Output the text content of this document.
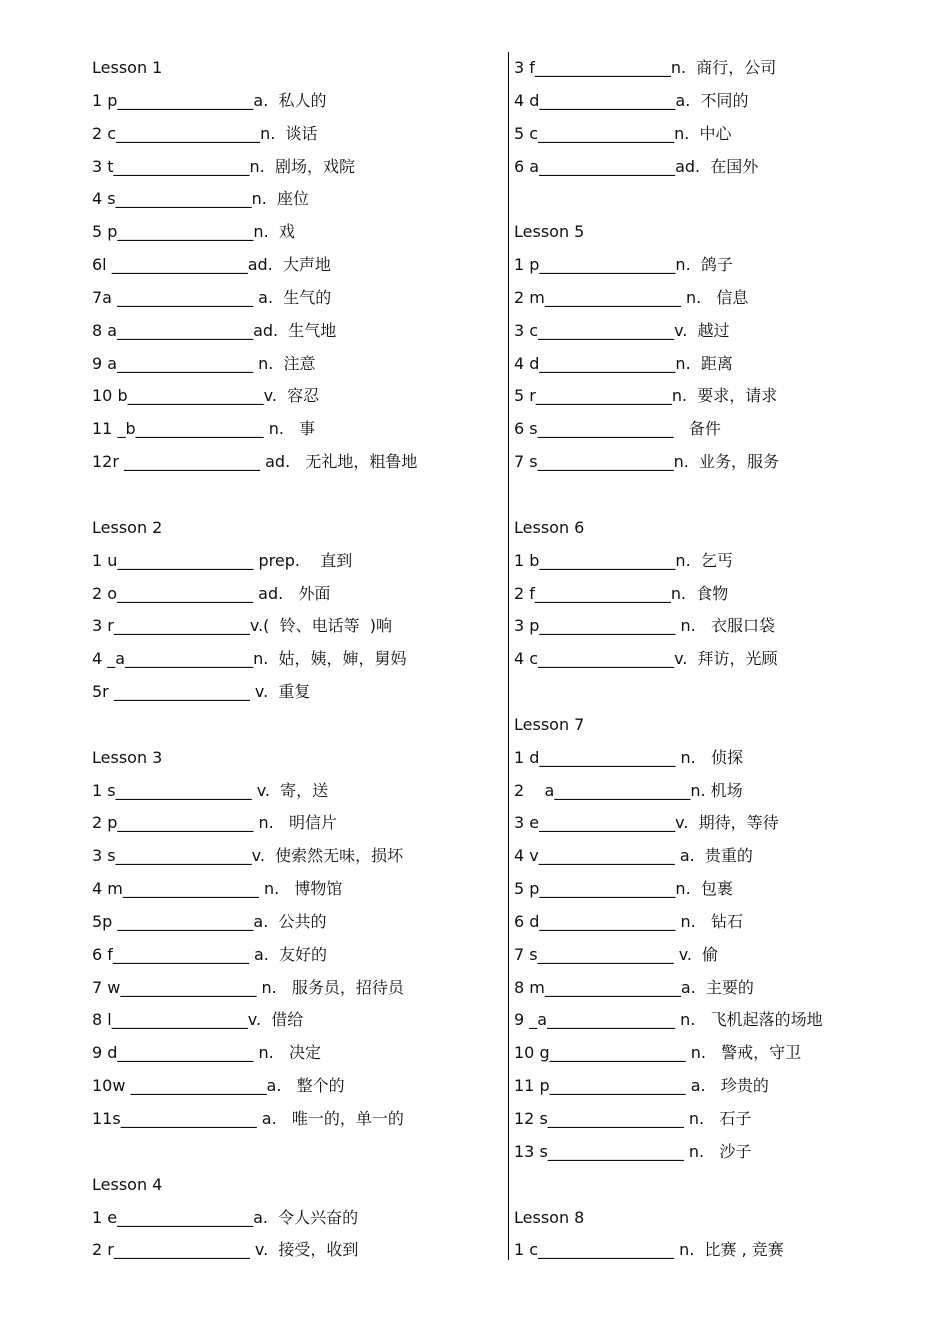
Lesson 1
1 p_________________a.  私人的
2 c__________________n.  谈话
3 t_________________n.  剧场，戏院
4 s_________________n.  座位
5 p_________________n.  戏
6l _________________ad.  大声地
7a _________________ a.  生气的
8 a_________________ad.  生气地
9 a_________________ n.  注意
10 b_________________v.  容忍
11 _b________________ n.   事
12r _________________ ad.   无礼地，粗鲁地
Lesson 2
1 u_________________ prep.    直到
2 o_________________ ad.   外面
3 r_________________v.(  铃、电话等  )响
4 _a________________n.  姑，姨，婶，舅妈
5r _________________ v.  重复
Lesson 3
1 s_________________ v.  寄，送
2 p_________________ n.   明信片
3 s_________________v.  使索然无味，损坏
4 m_________________ n.   博物馆
5p _________________a.  公共的
6 f_________________ a.  友好的
7 w_________________ n.   服务员，招待员
8 l_________________v.  借给
9 d_________________ n.   决定
10w _________________a.   整个的
11s_________________ a.   唯一的，单一的
Lesson 4
1 e_________________a.  令人兴奋的
2 r_________________ v.  接受，收到
3 f_________________n.  商行，公司
4 d_________________a.  不同的
5 c_________________n.  中心
6 a_________________ad.  在国外
Lesson 5
1 p_________________n.  鸽子
2 m_________________ n.   信息
3 c_________________v.  越过
4 d_________________n.  距离
5 r_________________n.  要求，请求
6 s_________________   备件
7 s_________________n.  业务，服务
Lesson 6
1 b_________________n.  乞丐
2 f_________________n.  食物
3 p_________________ n.   衣服口袋
4 c_________________v.  拜访，光顾
Lesson 7
1 d_________________ n.   侦探
2    a_________________n. 机场
3 e_________________v.  期待，等待
4 v_________________ a.  贵重的
5 p_________________n.  包裹
6 d_________________ n.   钻石
7 s_________________ v.  偷
8 m_________________a.  主要的
9 _a________________ n.   飞机起落的场地
10 g_________________ n.   警戒，守卫
11 p_________________ a.   珍贵的
12 s_________________ n.   石子
13 s_________________ n.   沙子
Lesson 8
1 c_________________ n.  比赛 , 竞赛
